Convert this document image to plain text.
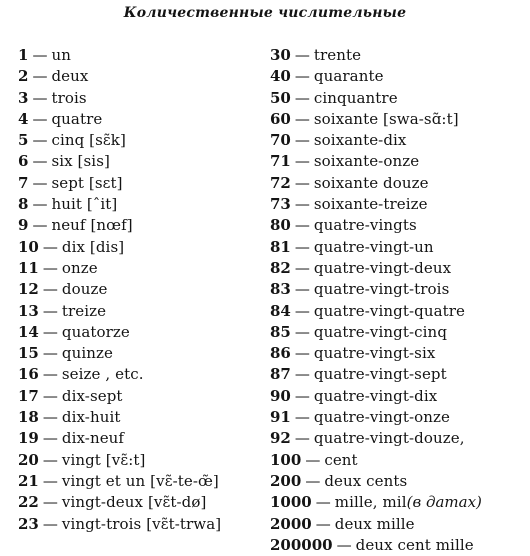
Количественные числительные
1 — un
2 — deux
3 — trois
4 — quatre
5 — cinq [sɛ̃k]
6 — six [sis]
7 — sept [sɛt]
8 — huit [ˆit]
9 — neuf [nœf]
10 — dix [dis]
11 — onze
12 — douze
13 — treize
14 — quatorze
15 — quinze
16 — seize , etc.
17 — dix-sept
18 — dix-huit
19 — dix-neuf
20 — vingt [vɛ̃:t]
21 — vingt et un [vɛ̃-te-œ̃]
22 — vingt-deux [vɛ̃t-dø]
23 — vingt-trois [vɛ̃t-trwa]
30 — trente
40 — quarante
50 — cinquantre
60 — soixante [swa-sɑ̃:t]
70 — soixante-dix
71 — soixante-onze
72 — soixante douze
73 — soixante-treize
80 — quatre-vingts
81 — quatre-vingt-un
82 — quatre-vingt-deux
83 — quatre-vingt-trois
84 — quatre-vingt-quatre
85 — quatre-vingt-cinq
86 — quatre-vingt-six
87 — quatre-vingt-sept
90 — quatre-vingt-dix
91 — quatre-vingt-onze
92 — quatre-vingt-douze,
100 — cent
200 — deux cents
1000 — mille, mil (в датах)
2000 — deux mille
200000 — deux cent mille
